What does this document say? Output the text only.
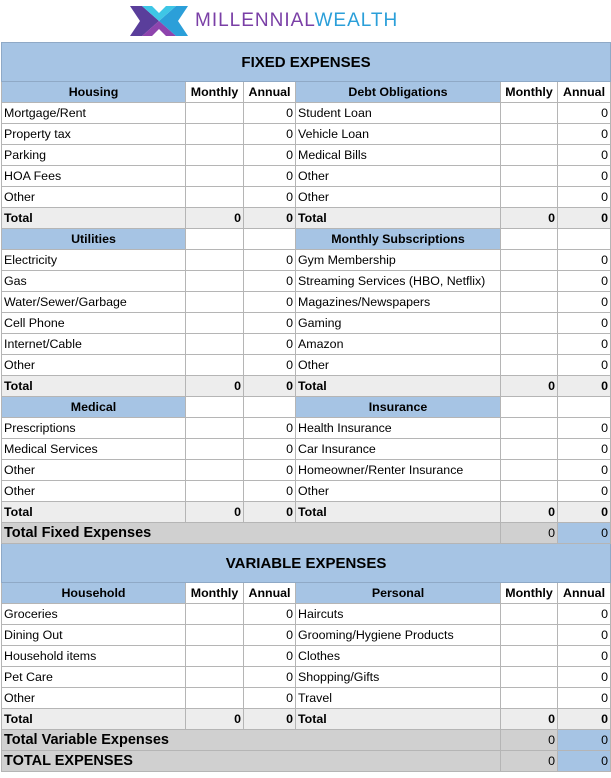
MILLENNIALWEALTH
FIXED EXPENSES					
Housing	Monthly	Annual	Debt Obligations	Monthly	Annual
Mortgage/Rent		0	Student Loan		0
Property tax		0	Vehicle Loan		0
Parking		0	Medical Bills		0
HOA Fees		0	Other		0
Other		0	Other		0
Total	0	0	Total	0	0
Utilities			Monthly Subscriptions		
Electricity		0	Gym Membership		0
Gas		0	Streaming Services (HBO, Netflix)		0
Water/Sewer/Garbage		0	Magazines/Newspapers		0
Cell Phone		0	Gaming		0
Internet/Cable		0	Amazon		0
Other		0	Other		0
Total	0	0	Total	0	0
Medical			Insurance		
Prescriptions		0	Health Insurance		0
Medical Services		0	Car Insurance		0
Other		0	Homeowner/Renter Insurance		0
Other		0	Other		0
Total	0	0	Total	0	0
Total Fixed Expenses				0	0
VARIABLE EXPENSES					
Household	Monthly	Annual	Personal	Monthly	Annual
Groceries		0	Haircuts		0
Dining Out		0	Grooming/Hygiene Products		0
Household items		0	Clothes		0
Pet Care		0	Shopping/Gifts		0
Other		0	Travel		0
Total	0	0	Total	0	0
Total Variable Expenses				0	0
TOTAL EXPENSES				0	0
